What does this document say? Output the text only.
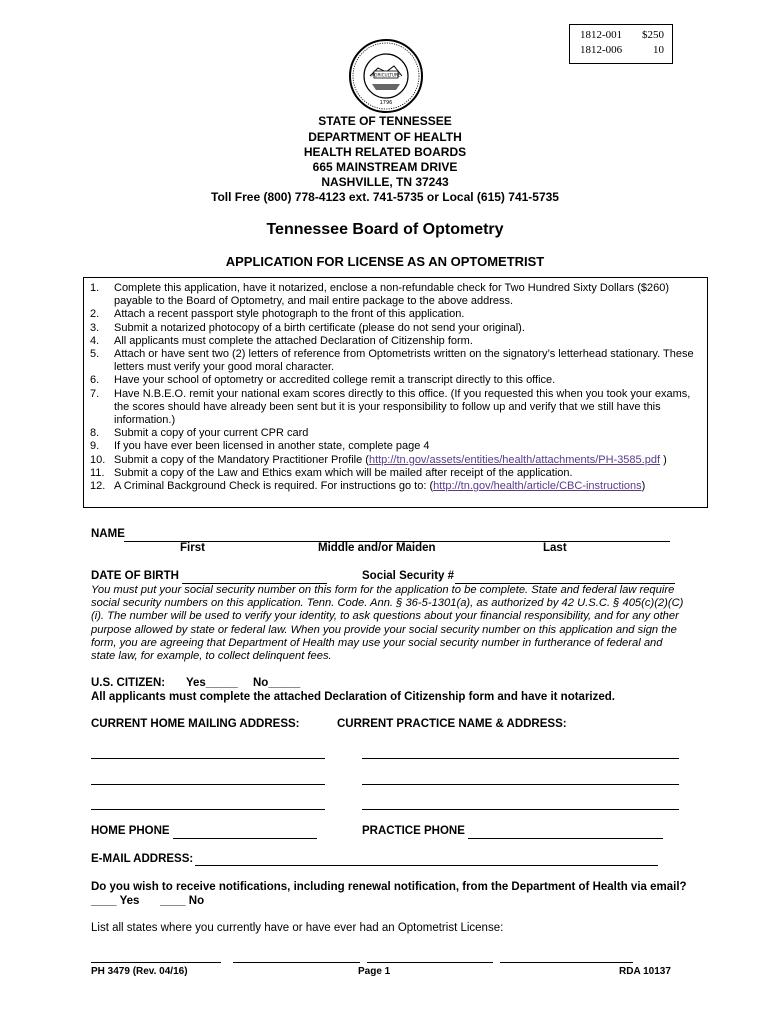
1812-001 $250
1812-006	10
AGRICULTURE
1796
STATE OF TENNESSEE
DEPARTMENT OF HEALTH
HEALTH RELATED BOARDS
665 MAINSTREAM DRIVE
NASHVILLE, TN 37243
Toll Free (800) 778-4123 ext. 741-5735 or Local (615) 741-5735
Tennessee Board of Optometry
APPLICATION FOR LICENSE AS AN OPTOMETRIST
1.	Complete this application, have it notarized, enclose a non-refundable check for Two Hundred Sixty Dollars ($260) payable to the Board of Optometry, and mail entire package to the above address.
2.	Attach a recent passport style photograph to the front of this application.
3.	Submit a notarized photocopy of a birth certificate (please do not send your original).
4.	All applicants must complete the attached Declaration of Citizenship form.
5.	Attach or have sent two (2) letters of reference from Optometrists written on the signatory’s letterhead stationary. These letters must verify your good moral character.
6.	Have your school of optometry or accredited college remit a transcript directly to this office.
7.	Have N.B.E.O. remit your national exam scores directly to this office. (If you requested this when you took your exams, the scores should have already been sent but it is your responsibility to follow up and verify that we still have this information.)
8.	Submit a copy of your current CPR card
9.	If you have ever been licensed in another state, complete page 4
10. Submit a copy of the Mandatory Practitioner Profile (http://tn.gov/assets/entities/health/attachments/PH-3585.pdf )
11. Submit a copy of the Law and Ethics exam which will be mailed after receipt of the application.
12. A Criminal Background Check is required. For instructions go to: (http://tn.gov/health/article/CBC-instructions)
NAME
First	Middle and/or Maiden	Last
DATE OF BIRTH	Social Security #
You must put your social security number on this form for the application to be complete. State and federal law require social security numbers on this application. Tenn. Code. Ann. § 36-5-1301(a), as authorized by 42 U.S.C. § 405(c)(2)(C)(i). The number will be used to verify your identity, to ask questions about your financial responsibility, and for any other purpose allowed by state or federal law. When you provide your social security number on this application and sign the form, you are agreeing that Department of Health may use your social security number in furtherance of federal and state law, for example, to collect delinquent fees.
U.S. CITIZEN: Yes_____ No_____
All applicants must complete the attached Declaration of Citizenship form and have it notarized.
CURRENT HOME MAILING ADDRESS:	CURRENT PRACTICE NAME & ADDRESS:
HOME PHONE	PRACTICE PHONE
E-MAIL ADDRESS:
Do you wish to receive notifications, including renewal notification, from the Department of Health via email?
____ Yes ____ No
List all states where you currently have or have ever had an Optometrist License:
PH 3479 (Rev. 04/16)	Page 1	RDA 10137
